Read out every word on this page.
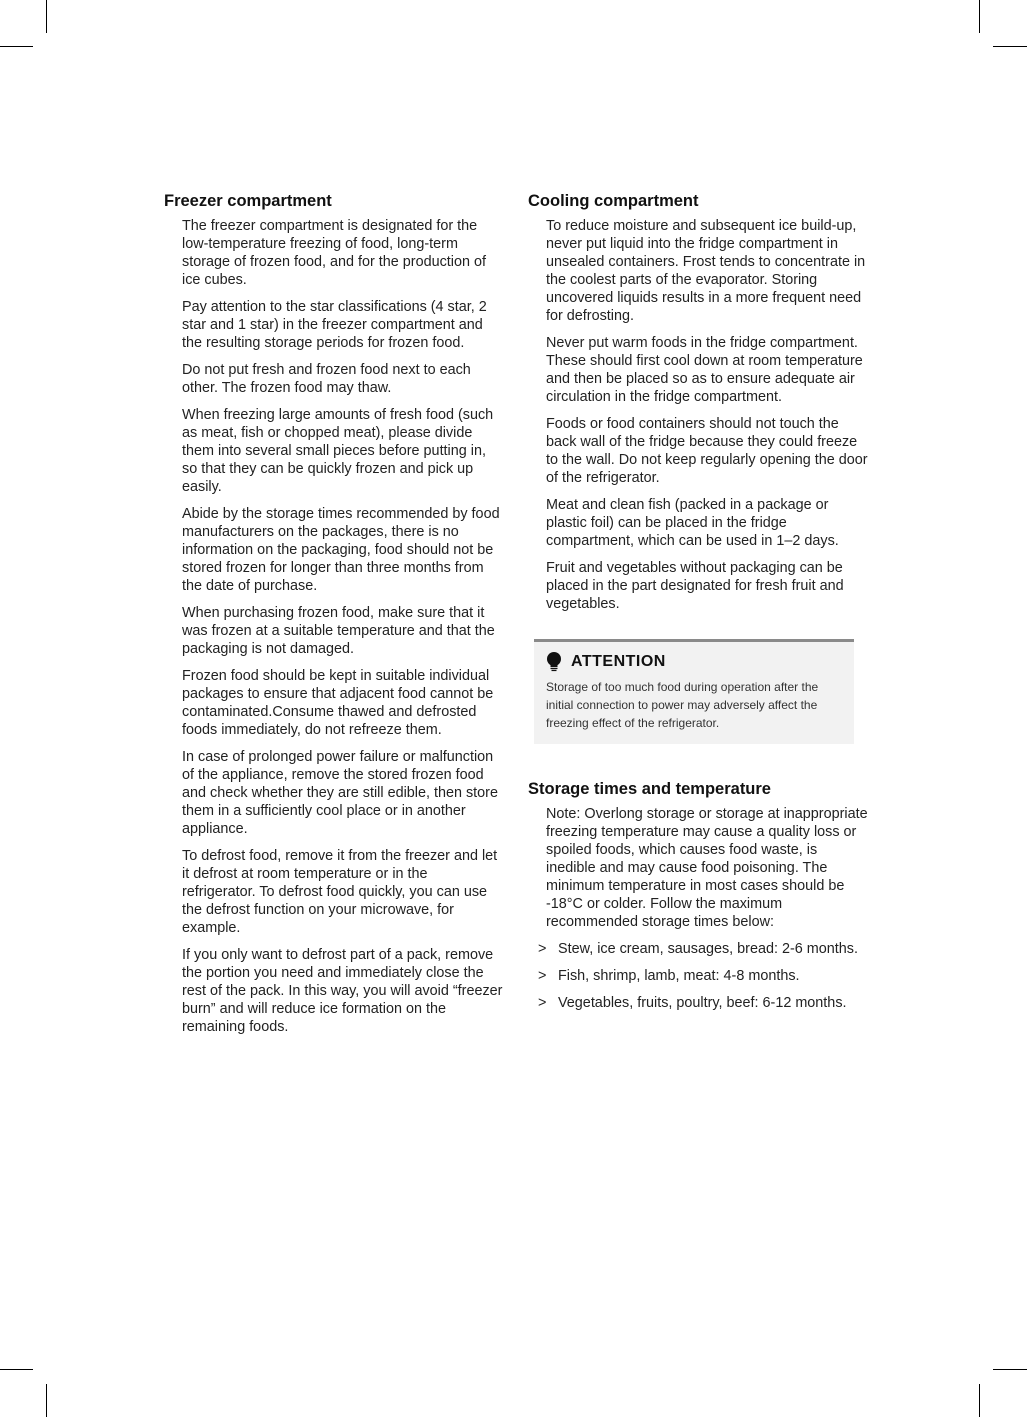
Freezer compartment

The freezer compartment is designated for the low-temperature freezing of food, long-term storage of frozen food, and for the production of ice cubes.

Pay attention to the star classifications (4 star, 2 star and 1 star) in the freezer compartment and the resulting storage periods for frozen food.

Do not put fresh and frozen food next to each other. The frozen food may thaw.

When freezing large amounts of fresh food (such as meat, fish or chopped meat), please divide them into several small pieces before putting in, so that they can be quickly frozen and pick up easily.

Abide by the storage times recommended by food manufacturers on the packages, there is no information on the packaging, food should not be stored frozen for longer than three months from the date of purchase.

When purchasing frozen food, make sure that it was frozen at a suitable temperature and that the packaging is not damaged.

Frozen food should be kept in suitable individual packages to ensure that adjacent food cannot be contaminated.Consume thawed and defrosted foods immediately, do not refreeze them.

In case of prolonged power failure or malfunction of the appliance, remove the stored frozen food and check whether they are still edible, then store them in a sufficiently cool place or in another appliance.

To defrost food, remove it from the freezer and let it defrost at room temperature or in the refrigerator. To defrost food quickly, you can use the defrost function on your microwave, for example.

If you only want to defrost part of a pack, remove the portion you need and immediately close the rest of the pack. In this way, you will avoid “freezer burn” and will reduce ice formation on the remaining foods.

Cooling compartment

To reduce moisture and subsequent ice build-up, never put liquid into the fridge compartment in unsealed containers. Frost tends to concentrate in the coolest parts of the evaporator. Storing uncovered liquids results in a more frequent need for defrosting.

Never put warm foods in the fridge compartment. These should first cool down at room temperature and then be placed so as to ensure adequate air circulation in the fridge compartment.

Foods or food containers should not touch the back wall of the fridge because they could freeze to the wall. Do not keep regularly opening the door of the refrigerator.

Meat and clean fish (packed in a package or plastic foil) can be placed in the fridge compartment, which can be used in 1–2 days.

Fruit and vegetables without packaging can be placed in the part designated for fresh fruit and vegetables.

ATTENTION
Storage of too much food during operation after the initial connection to power may adversely affect the freezing effect of the refrigerator.
Storage times and temperature

Note: Overlong storage or storage at inappropriate freezing temperature may cause a quality loss or spoiled foods, which causes food waste, is inedible and may cause food poisoning. The minimum temperature in most cases should be -18°C or colder. Follow the maximum recommended storage times below:

> Stew, ice cream, sausages, bread: 2-6 months.
> Fish, shrimp, lamb, meat: 4-8 months.
> Vegetables, fruits, poultry, beef: 6-12 months.
